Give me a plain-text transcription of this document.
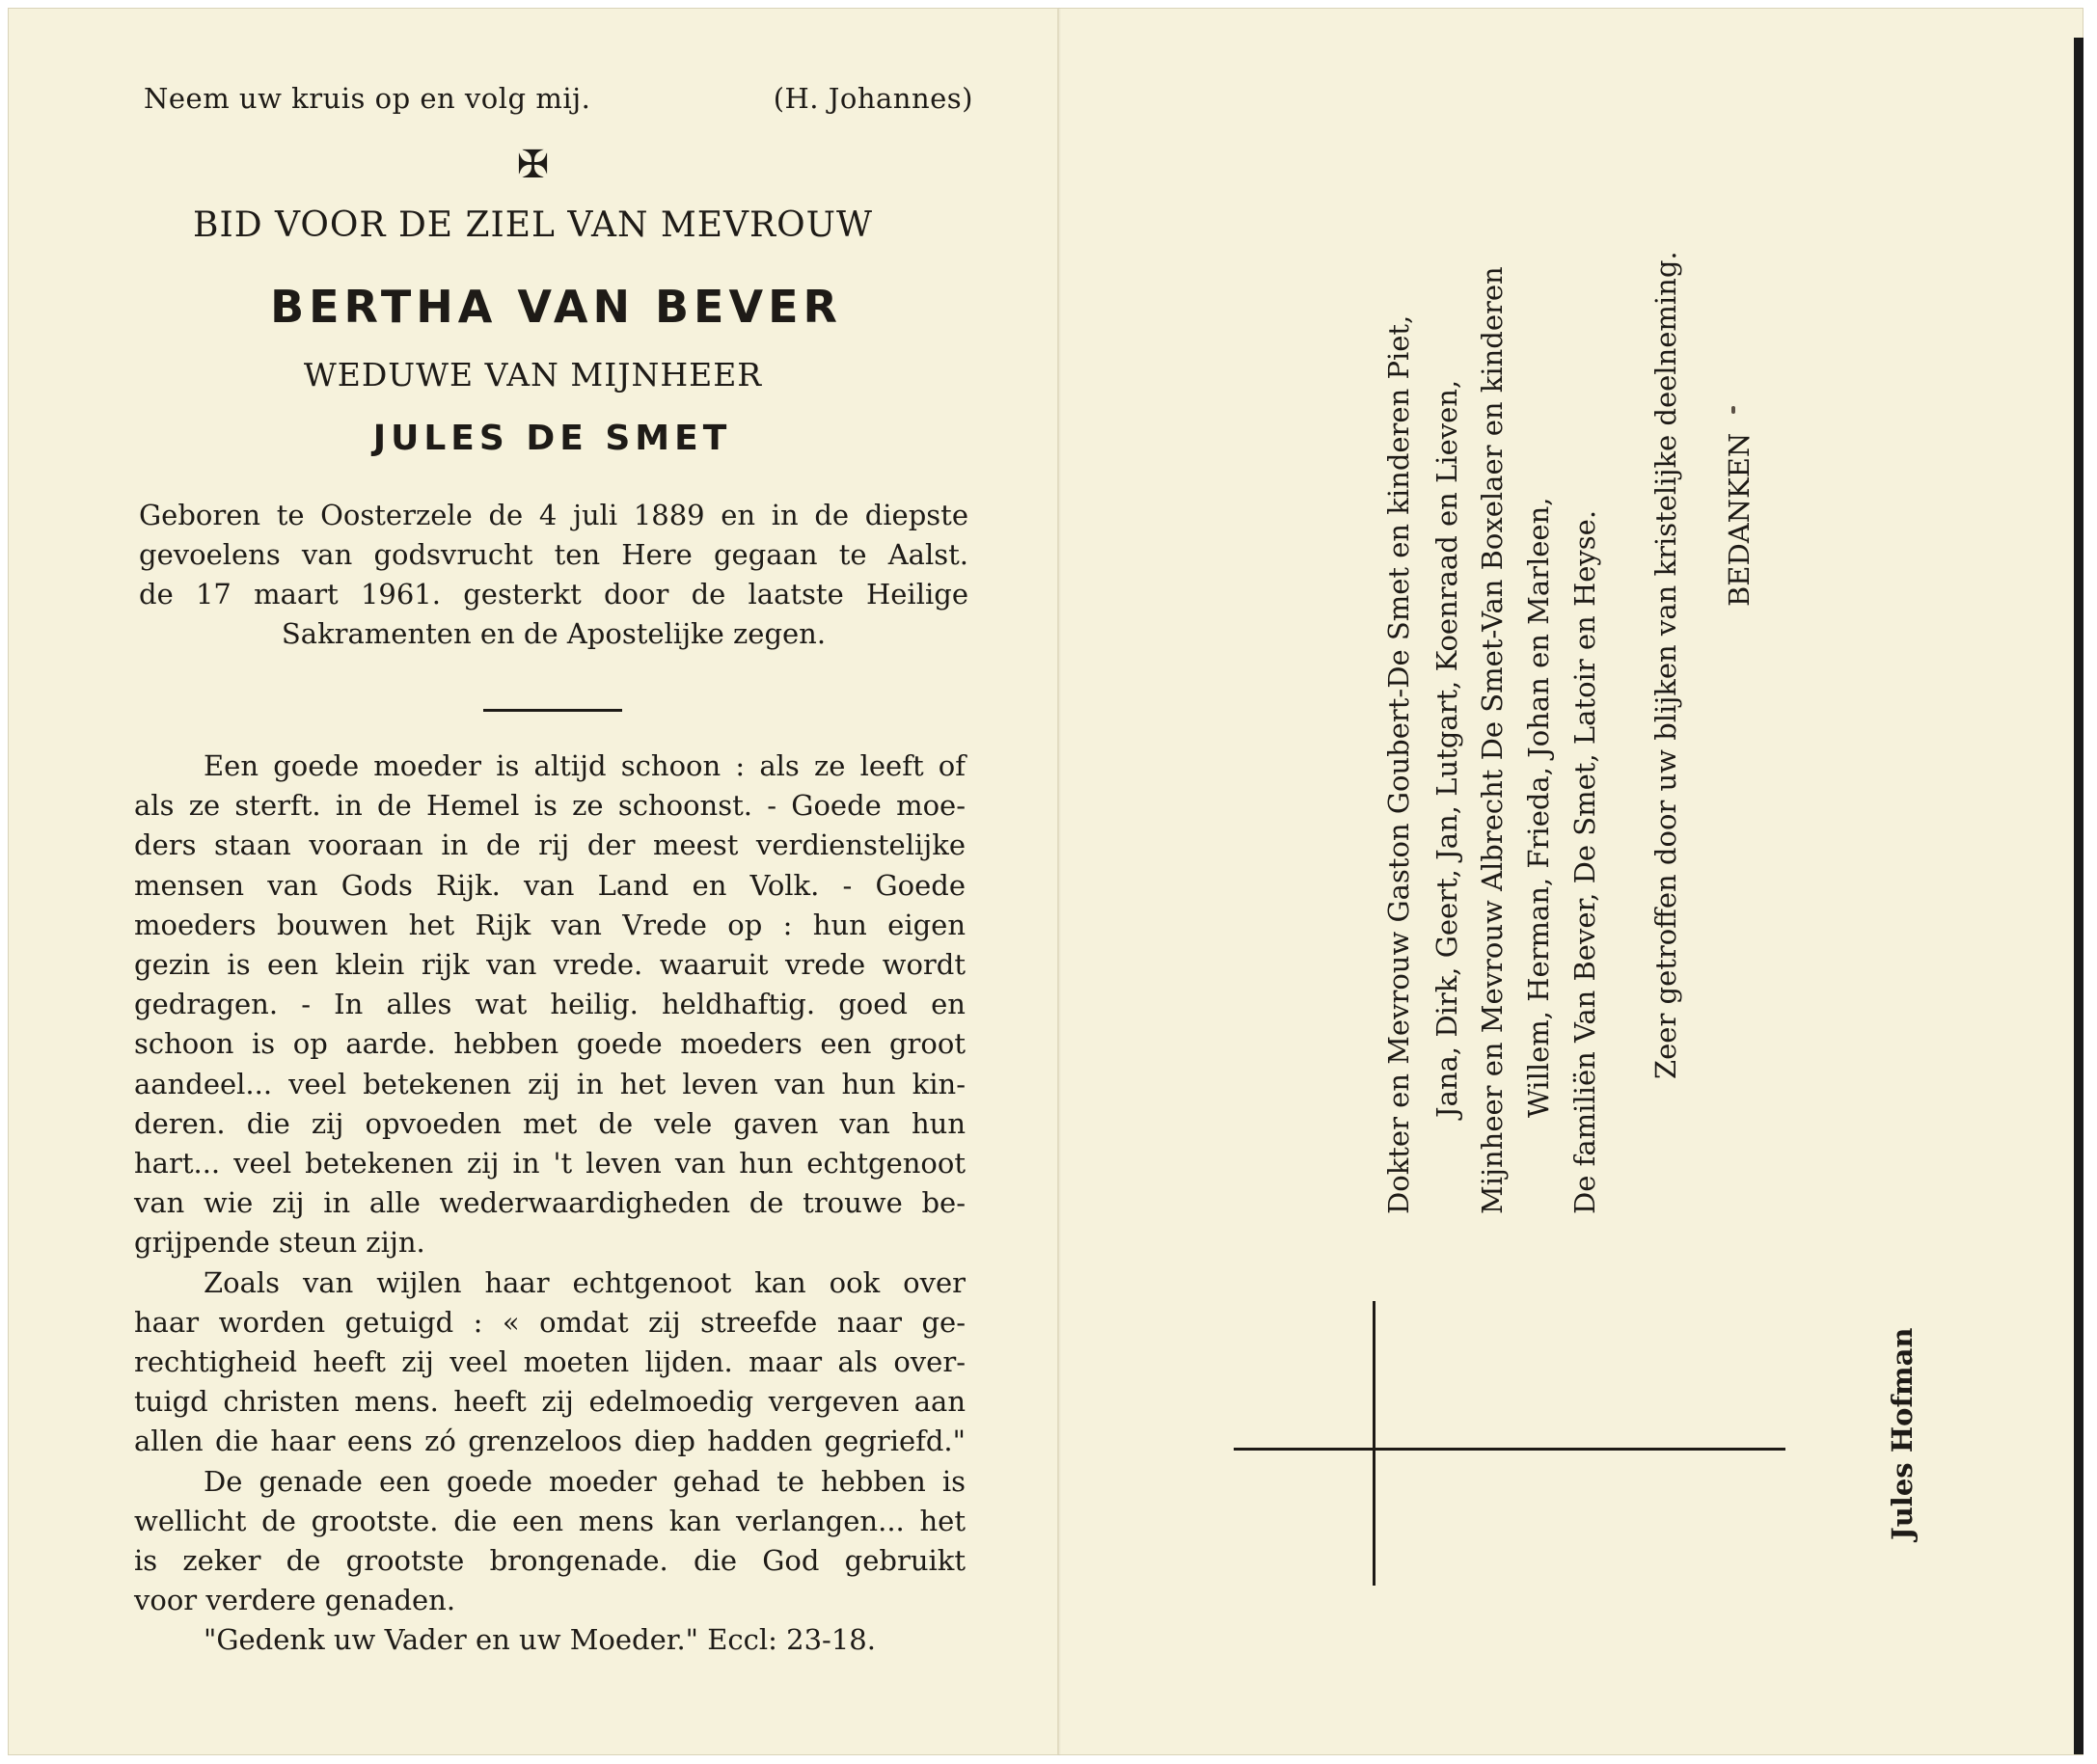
Neem uw kruis op en volg mij.	(H. Johannes)
✠
BID VOOR DE ZIEL VAN MEVROUW
BERTHA VAN BEVER
WEDUWE VAN MIJNHEER
JULES DE SMET
Geboren te Oosterzele de 4 juli 1889 en in de diepste
gevoelens van godsvrucht ten Here gegaan te Aalst.
de 17 maart 1961. gesterkt door de laatste Heilige
Sakramenten en de Apostelijke zegen.
Een goede moeder is altijd schoon : als ze leeft of
als ze sterft. in de Hemel is ze schoonst. - Goede moe-
ders staan vooraan in de rij der meest verdienstelijke
mensen van Gods Rijk. van Land en Volk. - Goede
moeders bouwen het Rijk van Vrede op : hun eigen
gezin is een klein rijk van vrede. waaruit vrede wordt
gedragen. - In alles wat heilig. heldhaftig. goed en
schoon is op aarde. hebben goede moeders een groot
aandeel... veel betekenen zij in het leven van hun kin-
deren. die zij opvoeden met de vele gaven van hun
hart... veel betekenen zij in 't leven van hun echtgenoot
van wie zij in alle wederwaardigheden de trouwe be-
grijpende steun zijn.
Zoals van wijlen haar echtgenoot kan ook over
haar worden getuigd : « omdat zij streefde naar ge-
rechtigheid heeft zij veel moeten lijden. maar als over-
tuigd christen mens. heeft zij edelmoedig vergeven aan
allen die haar eens zó grenzeloos diep hadden gegriefd."
De genade een goede moeder gehad te hebben is
wellicht de grootste. die een mens kan verlangen... het
is zeker de grootste brongenade. die God gebruikt
voor verdere genaden.
"Gedenk uw Vader en uw Moeder." Eccl: 23-18.
Dokter en Mevrouw Gaston Goubert-De Smet en kinderen Piet, Jana, Dirk, Geert, Jan, Lutgart, Koenraad en Lieven, Mijnheer en Mevrouw Albrecht De Smet-Van Boxelaer en kinderen Willem, Herman, Frieda, Johan en Marleen, De familiën Van Bever, De Smet, Latoir en Heyse. Zeer getroffen door uw blijken van kristelijke deelneming. BEDANKEN
Jules Hofman
